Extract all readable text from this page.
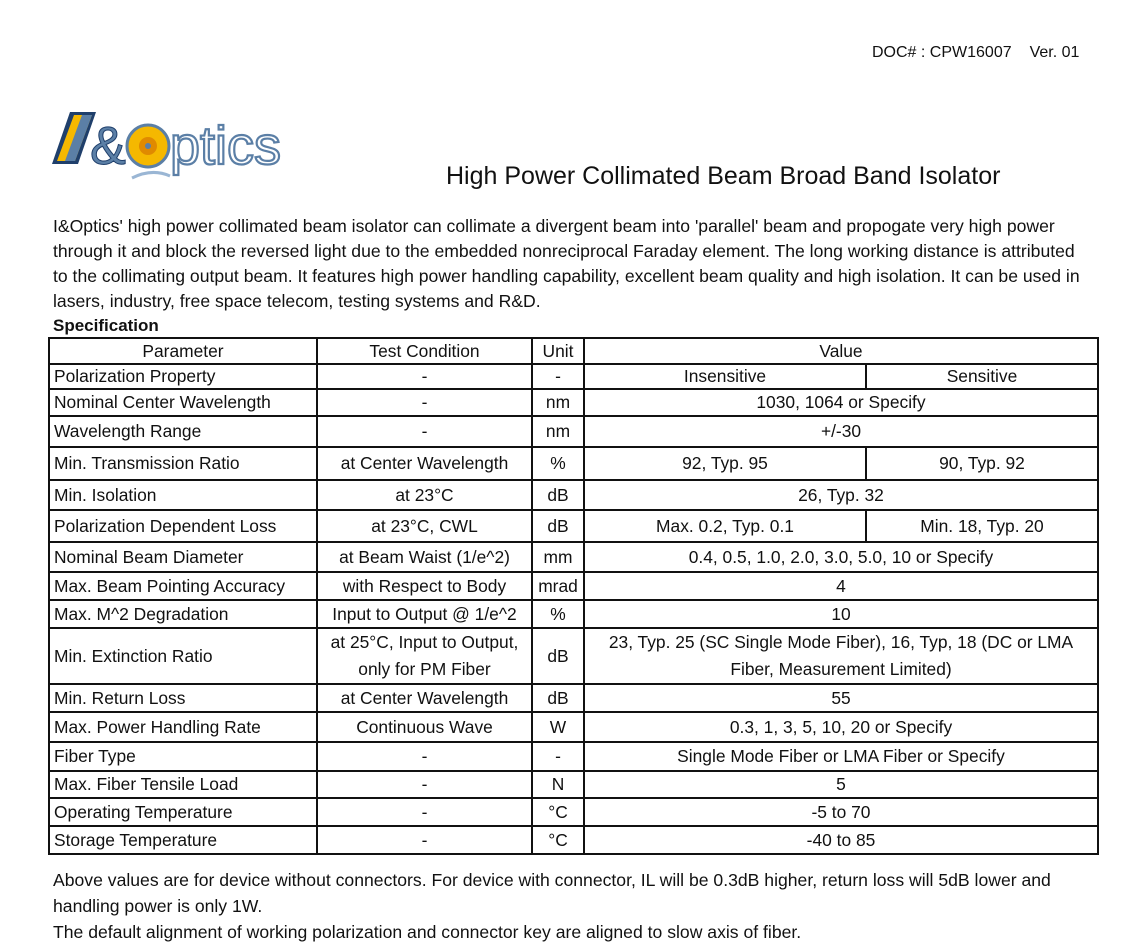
DOC# : CPW16007 Ver. 01
& ptics	High Power Collimated Beam Broad Band Isolator
I&Optics' high power collimated beam isolator can collimate a divergent beam into 'parallel' beam and propogate very high power through it and block the reversed light due to the embedded nonreciprocal Faraday element. The long working distance is attributed to the collimating output beam. It features high power handling capability, excellent beam quality and high isolation. It can be used in lasers, industry, free space telecom, testing systems and R&D.
Specification
Parameter	Test Condition	Unit	Value	
Polarization Property	-	-	Insensitive	Sensitive
Nominal Center Wavelength	-	nm	1030, 1064 or Specify	
Wavelength Range	-	nm	+/-30	
Min. Transmission Ratio	at Center Wavelength	%	92, Typ. 95	90, Typ. 92
Min. Isolation	at 23°C	dB	26, Typ. 32	
Polarization Dependent Loss	at 23°C, CWL	dB	Max. 0.2, Typ. 0.1	Min. 18, Typ. 20
Nominal Beam Diameter	at Beam Waist (1/e^2)	mm	0.4, 0.5, 1.0, 2.0, 3.0, 5.0, 10 or Specify	
Max. Beam Pointing Accuracy	with Respect to Body	mrad	4	
Max. M^2 Degradation	Input to Output @ 1/e^2	%	10	
Min. Extinction Ratio	at 25°C, Input to Output, only for PM Fiber	dB	23, Typ. 25 (SC Single Mode Fiber), 16, Typ, 18 (DC or LMA Fiber, Measurement Limited)	
Min. Return Loss	at Center Wavelength	dB	55	
Max. Power Handling Rate	Continuous Wave	W	0.3, 1, 3, 5, 10, 20 or Specify	
Fiber Type	-	-	Single Mode Fiber or LMA Fiber or Specify	
Max. Fiber Tensile Load	-	N	5	
Operating Temperature	-	°C	-5 to 70	
Storage Temperature	-	°C	-40 to 85	
Above values are for device without connectors. For device with connector, IL will be 0.3dB higher, return loss will 5dB lower and handling power is only 1W.
The default alignment of working polarization and connector key are aligned to slow axis of fiber.
